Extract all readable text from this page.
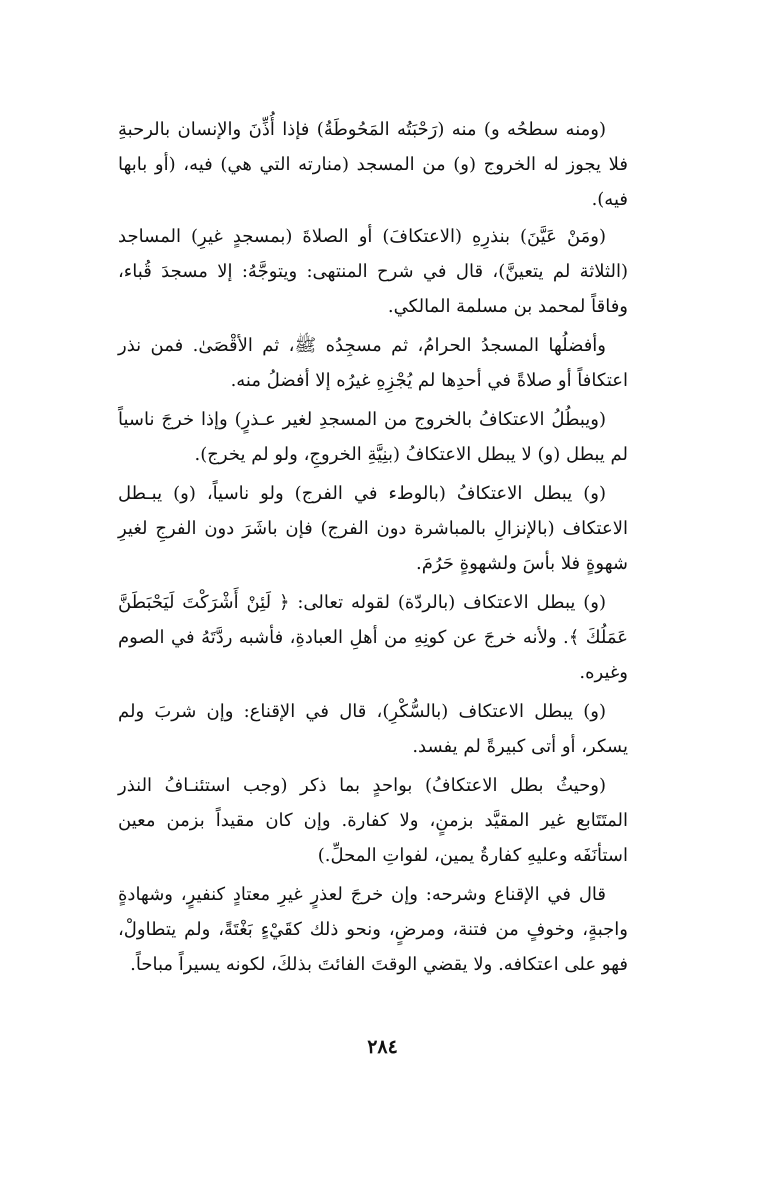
(ومنه سطحُه و) منه (رَحْبَتُه المَحُوطَةُ) فإذا أُذِّنَ والإنسان بالرحبةِ فلا يجوز له الخروج (و) من المسجد (منارته التي هي) فيه، (أو بابها فيه).

(ومَنْ عَيَّنَ) بنذرِهِ (الاعتكافَ) أو الصلاةَ (بمسجدٍ غيرِ) المساجد (الثلاثة لم يتعينَّ)، قال في شرح المنتهى: ويتوجَّهُ: إلا مسجدَ قُباء، وفاقاً لمحمد بن مسلمة المالكي.

وأفضلُها المسجدُ الحرامُ، ثم مسجِدُه ﷺ، ثم الأقْصَىٰ. فمن نذر اعتكافاً أو صلاةً في أحدِها لم يُجْزِهِ غيرُه إلا أفضلُ منه.

(ويبطُلُ الاعتكافُ بالخروج من المسجدِ لغير عـذرٍ) وإذا خرجَ ناسياً لم يبطل (و) لا يبطل الاعتكافُ (بنِيَّةِ الخروجِ، ولو لم يخرج).

(و) يبطل الاعتكافُ (بالوطء في الفرج) ولو ناسياً، (و) يبـطل الاعتكاف (بالإنزالِ بالمباشرة دون الفرج) فإن باشَرَ دون الفرجِ لغيرِ شهوةٍ فلا بأسَ ولشهوةٍ حَرُمَ.

(و) يبطل الاعتكاف (بالردّة) لقوله تعالى: ﴿ لَئِنْ أَشْرَكْتَ لَيَحْبَطَنَّ عَمَلُكَ ﴾. ولأنه خرجَ عن كونِهِ من أهلِ العبادةِ، فأشبه ردَّتَهُ في الصوم وغيره.

(و) يبطل الاعتكاف (بالسُّكْرِ)، قال في الإقناع: وإن شربَ ولم يسكر، أو أتى كبيرةً لم يفسد.

(وحيثُ بطل الاعتكافُ) بواحدٍ بما ذكر (وجب استئنـافُ النذر المتَتَابع غير المقيَّد بزمنٍ، ولا كفارة. وإن كان مقيداً بزمن معين استأنَفَه وعليهِ كفارةُ يمين، لفواتِ المحلِّ.)

قال في الإقناع وشرحه: وإن خرجَ لعذرٍ غيرِ معتادٍ كنفيرٍ، وشهادةٍ واجبةٍ، وخوفٍ من فتنة، ومرضٍ، ونحو ذلك كقَيْءٍ بَغْتَةً، ولم يتطاولْ، فهو على اعتكافه. ولا يقضي الوقتَ الفائتَ بذلكَ، لكونه يسيراً مباحاً.

٢٨٤
